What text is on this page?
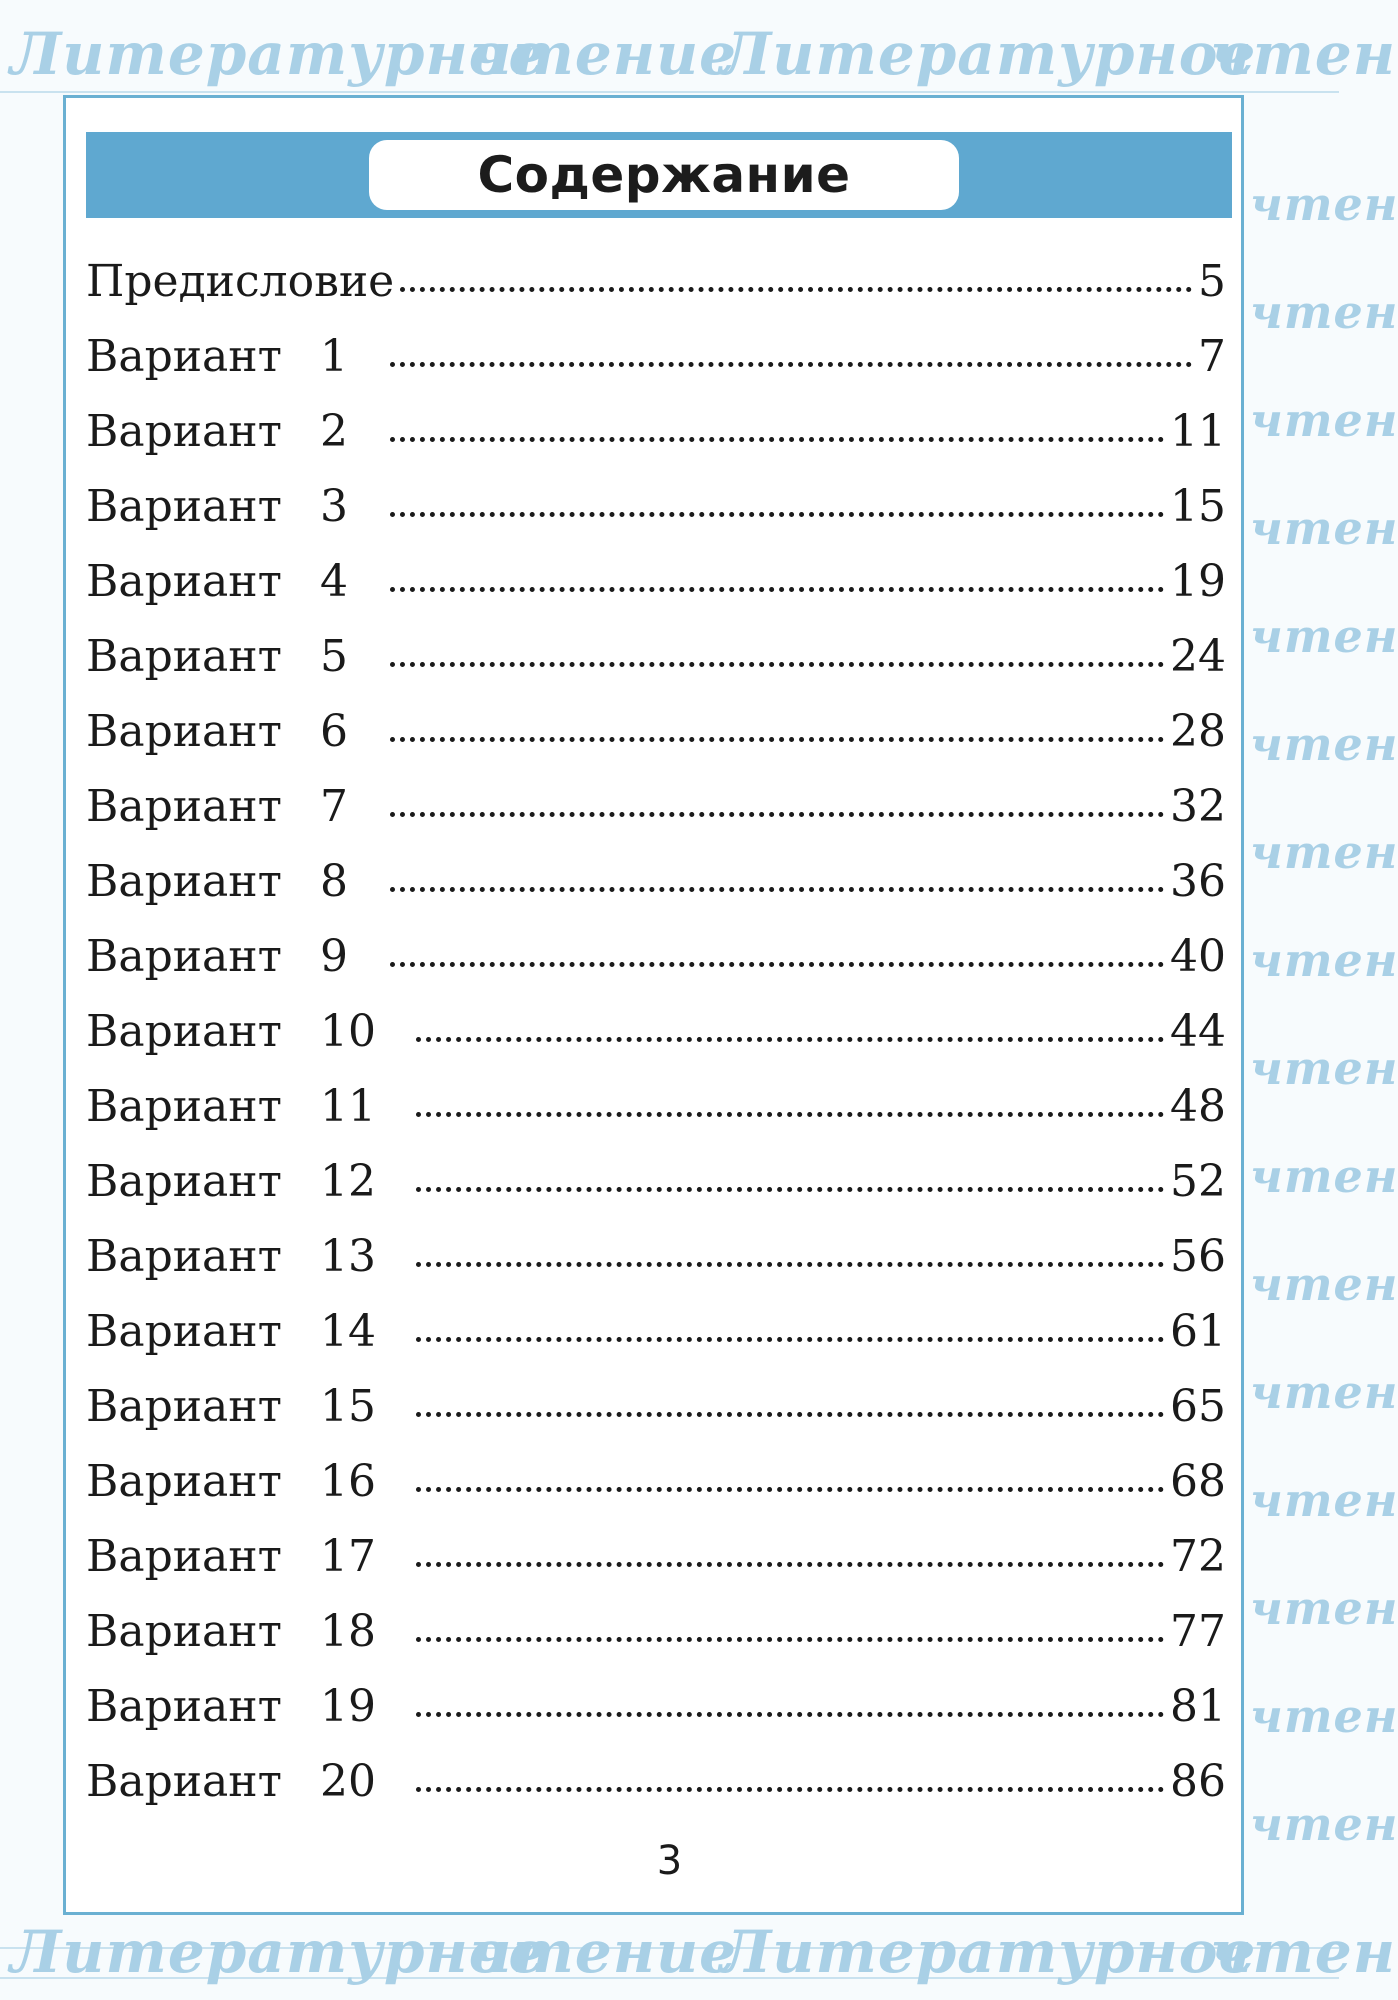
Литературное
чтение
Литературное
чтен
Литературное
чтение
Литературное
чтен
чтен
чтен
чтен
чтен
чтен
чтен
чтен
чтен
чтен
чтен
чтен
чтен
чтен
чтен
чтен
чтен
Содержание
Предисловие	5
Вариант 1	7
Вариант 2	11
Вариант 3	15
Вариант 4	19
Вариант 5	24
Вариант 6	28
Вариант 7	32
Вариант 8	36
Вариант 9	40
Вариант 10	44
Вариант 11	48
Вариант 12	52
Вариант 13	56
Вариант 14	61
Вариант 15	65
Вариант 16	68
Вариант 17	72
Вариант 18	77
Вариант 19	81
Вариант 20	86
3
